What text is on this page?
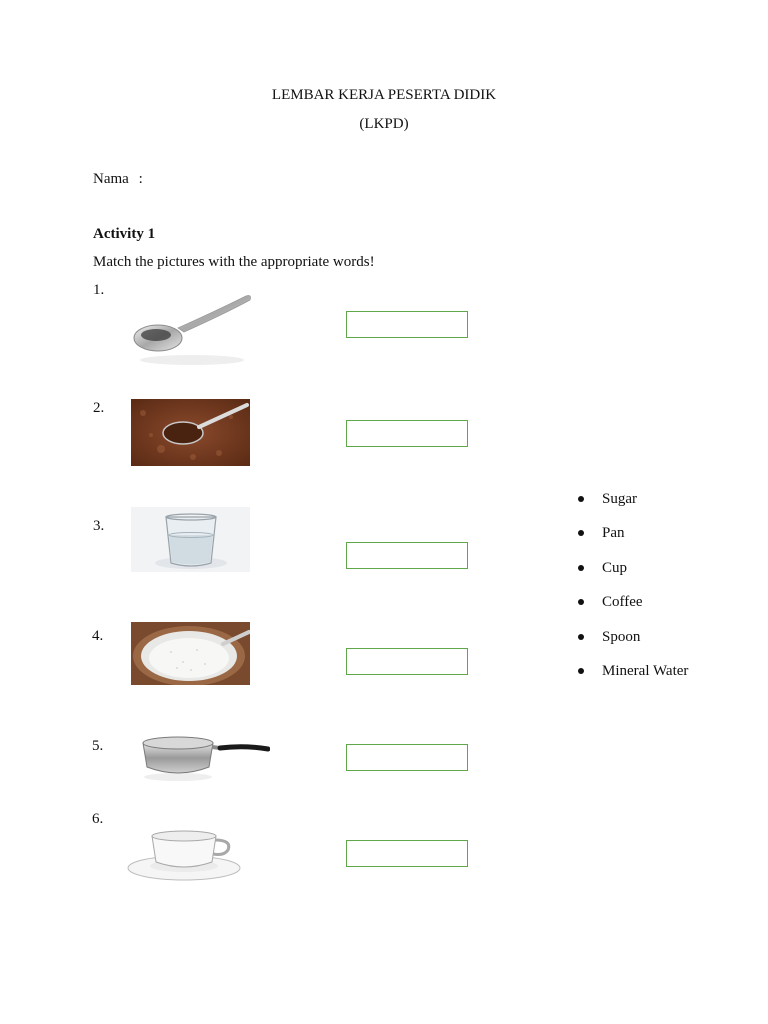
LEMBAR KERJA PESERTA DIDIK
(LKPD)
Nama :
Activity 1
Match the pictures with the appropriate words!
1.
2.
3.
4.
5.
6.
Sugar
Pan
Cup
Coffee
Spoon
Mineral Water
